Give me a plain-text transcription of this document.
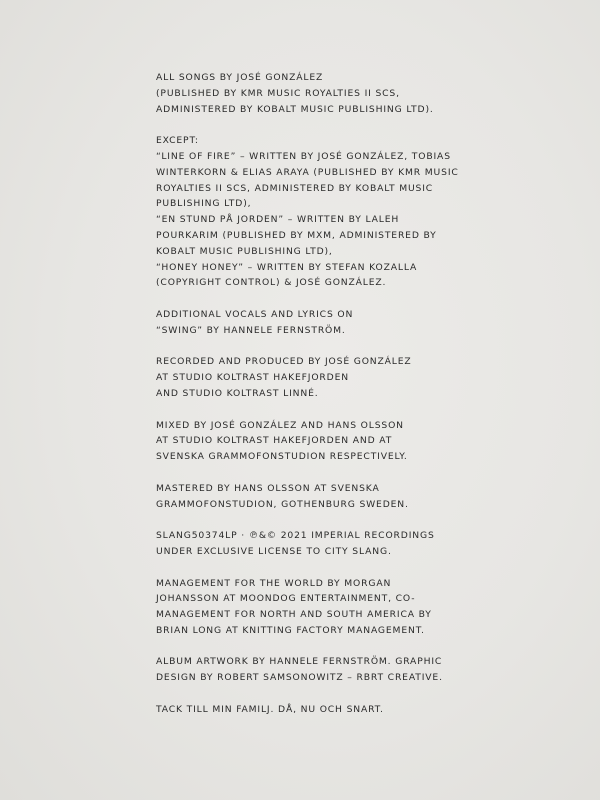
ALL SONGS BY JOSÉ GONZÁLEZ
(PUBLISHED BY KMR MUSIC ROYALTIES II SCS,
ADMINISTERED BY KOBALT MUSIC PUBLISHING LTD).
EXCEPT:
“LINE OF FIRE” – WRITTEN BY JOSÉ GONZÁLEZ, TOBIAS
WINTERKORN & ELIAS ARAYA (PUBLISHED BY KMR MUSIC
ROYALTIES II SCS, ADMINISTERED BY KOBALT MUSIC
PUBLISHING LTD),
“EN STUND PÅ JORDEN” – WRITTEN BY LALEH
POURKARIM (PUBLISHED BY MXM, ADMINISTERED BY
KOBALT MUSIC PUBLISHING LTD),
“HONEY HONEY” – WRITTEN BY STEFAN KOZALLA
(COPYRIGHT CONTROL) & JOSÉ GONZÁLEZ.
ADDITIONAL VOCALS AND LYRICS ON
“SWING” BY HANNELE FERNSTRÖM.
RECORDED AND PRODUCED BY JOSÉ GONZÁLEZ
AT STUDIO KOLTRAST HAKEFJORDEN
AND STUDIO KOLTRAST LINNÉ.
MIXED BY JOSÉ GONZÁLEZ AND HANS OLSSON
AT STUDIO KOLTRAST HAKEFJORDEN AND AT
SVENSKA GRAMMOFONSTUDION RESPECTIVELY.
MASTERED BY HANS OLSSON AT SVENSKA
GRAMMOFONSTUDION, GOTHENBURG SWEDEN.
SLANG50374LP · ℗&© 2021 IMPERIAL RECORDINGS
UNDER EXCLUSIVE LICENSE TO CITY SLANG.
MANAGEMENT FOR THE WORLD BY MORGAN
JOHANSSON AT MOONDOG ENTERTAINMENT, CO-
MANAGEMENT FOR NORTH AND SOUTH AMERICA BY
BRIAN LONG AT KNITTING FACTORY MANAGEMENT.
ALBUM ARTWORK BY HANNELE FERNSTRÖM. GRAPHIC
DESIGN BY ROBERT SAMSONOWITZ – RBRT CREATIVE.
TACK TILL MIN FAMILJ. DÅ, NU OCH SNART.
